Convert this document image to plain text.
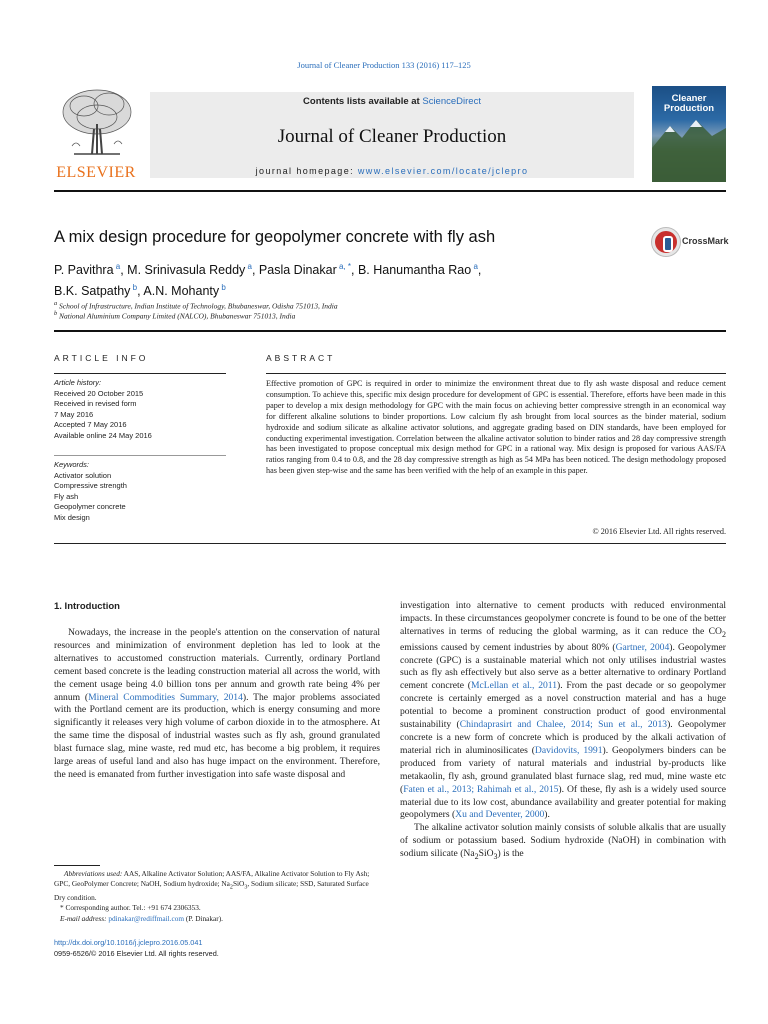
Journal of Cleaner Production 133 (2016) 117–125
ELSEVIER
Contents lists available at ScienceDirect
Journal of Cleaner Production
journal homepage: www.elsevier.com/locate/jclepro
Cleaner
Production
A mix design procedure for geopolymer concrete with fly ash	CrossMark
P. Pavithra $^a$, M. Srinivasula Reddy $^a$, Pasla Dinakar $^{a, *}$, B. Hanumantha Rao $^a$,
B.K. Satpathy $^b$, A.N. Mohanty $^b$
$^a$ School of Infrastructure, Indian Institute of Technology, Bhubaneswar, Odisha 751013, India
$^b$ National Aluminium Company Limited (NALCO), Bhubaneswar 751013, India
ARTICLE INFO	ABSTRACT
Article history:
Received 20 October 2015
Received in revised form
7 May 2016
Accepted 7 May 2016
Available online 24 May 2016
Keywords:
Activator solution
Compressive strength
Fly ash
Geopolymer concrete
Mix design
Effective promotion of GPC is required in order to minimize the environment threat due to fly ash waste disposal and reduce cement consumption. To achieve this, specific mix design procedure for development of GPC is essential. Therefore, efforts have been made in this paper to develop a mix design methodology for GPC with the main focus on achieving better compressive strength in an economical way for different alkaline solutions to binder proportions. Low calcium fly ash brought from local sources as the binder material, sodium hydroxide and sodium silicate as alkaline activator solutions, and aggregate grading based on DIN standards, have been employed for conducting experimental investigation. Correlation between the alkaline activator solution to binder ratios and 28 day compressive strength has been investigated to propose conceptual mix design method for GPC in a rational way. Mix design is proposed for various AAS/FA ratios ranging from 0.4 to 0.8, and the 28 day compressive strength as high as 54 MPa has been noticed. The design methodology proposed has been given step-wise and the same has been verified with the help of an example in this paper.
© 2016 Elsevier Ltd. All rights reserved.
1. Introduction

Nowadays, the increase in the people's attention on the conservation of natural resources and minimization of environment depletion has led to look at the alternatives to accustomed construction materials. Currently, ordinary Portland cement based concrete is the leading construction material all across the world, with the cement usage being 4.0 billion tons per annum and growth rate being 4% per annum (Mineral Commodities Summary, 2014). The major problems associated with the Portland cement are its production, which is energy consuming and more significantly it releases very high volume of carbon dioxide in to the atmosphere. At the same time the disposal of industrial wastes such as fly ash, ground granulated blast furnace slag, mine waste, red mud etc, has become a big problem, it requires large areas of useful land and also has huge impact on the environment. Therefore, the need is emanated from further investigation into safe waste disposal and

investigation into alternative to cement products with reduced environmental impacts. In these circumstances geopolymer concrete is found to be one of the better alternatives in terms of reducing the global warming, as it can reduce the $CO_2$ emissions caused by cement industries by about 80% (Gartner, 2004). Geopolymer concrete (GPC) is a sustainable material which not only utilises industrial wastes such as fly ash effectively but also serve as a better alternative to ordinary Portland cement concrete (McLellan et al., 2011). From the past decade or so geopolymer concrete is certainly emerged as a novel construction material and has a huge potential to become a prominent construction product of good environmental sustainability (Chindaprasirt and Chalee, 2014; Sun et al., 2013). Geopolymer concrete is a new form of concrete which is produced by the alkali activation of material rich in aluminosilicates (Davidovits, 1991). Geopolymers binders can be produced from variety of natural materials and industrial by-products like metakaolin, fly ash, ground granulated blast furnace slag, red mud, mine waste etc (Faten et al., 2013; Rahimah et al., 2015). Of these, fly ash is a widely used source material due to its low cost, abundance availability and greater potential for making geopolymers (Xu and Deventer, 2000).

The alkaline activator solution mainly consists of soluble alkalis that are usually of sodium or potassium based. Sodium hydroxide (NaOH) in combination with sodium silicate $(Na_2SiO_3)$ is the

Abbreviations used: AAS, Alkaline Activator Solution; AAS/FA, Alkaline Activator Solution to Fly Ash; GPC, GeoPolymer Concrete; NaOH, Sodium hydroxide; $Na_2SiO_3$, Sodium silicate; SSD, Saturated Surface Dry condition.
* Corresponding author. Tel.: +91 674 2306353.
E-mail address: pdinakar@rediffmail.com (P. Dinakar).
http://dx.doi.org/10.1016/j.jclepro.2016.05.041
0959-6526/© 2016 Elsevier Ltd. All rights reserved.
